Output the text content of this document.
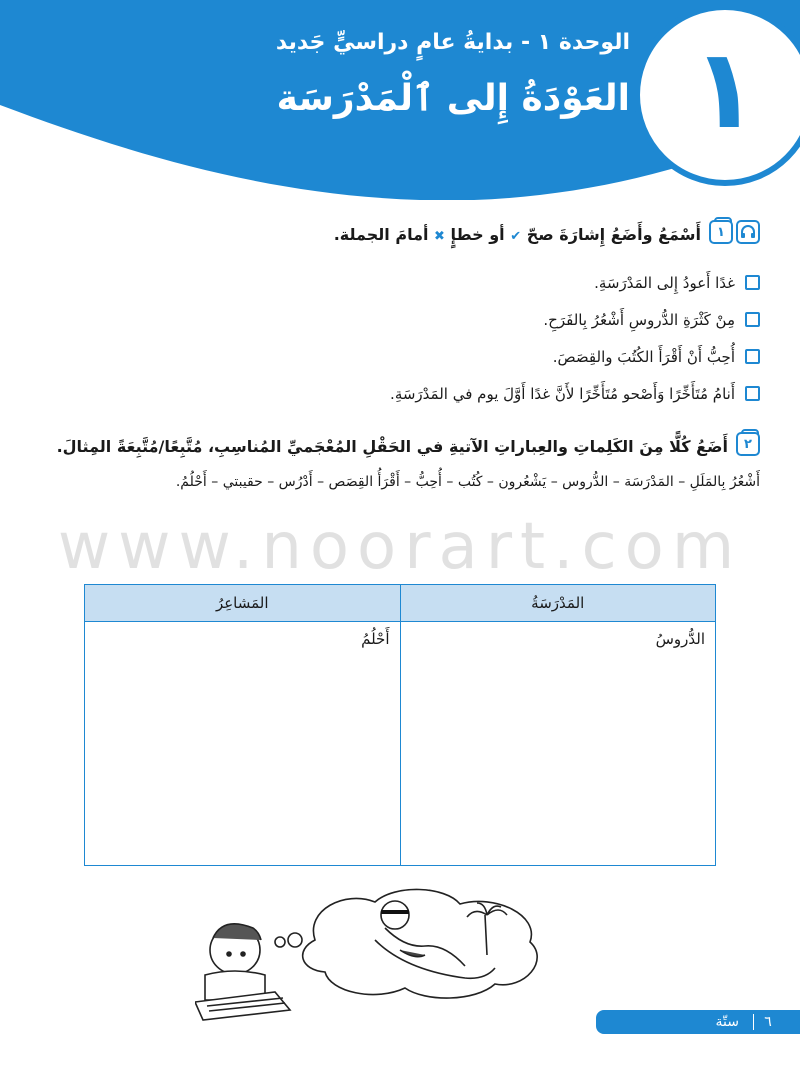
الوحدة ١ - بدايةُ عامٍ دراسيٍّ جَديد
العَوْدَةُ إِلى ٱلْمَدْرَسَة ١
١
أَسْمَعُ وأَضَعُ إِشارَةَ صحّ ✔ أو خطإٍ ✖ أمامَ الجملة.
غدًا أَعودُ إِلى المَدْرَسَةِ.
مِنْ كَثْرَةِ الدُّروسِ أَشْعُرُ بِالفَرَحِ.
أُحِبُّ أَنْ أَقْرَأَ الكُتُبَ والقِصَصَ.
أَنامُ مُتَأَخِّرًا وَأَصْحو مُتَأَخِّرًا لأَنَّ غدًا أَوَّلَ يوم في المَدْرَسَةِ.
٢
أَضَعُ كُلًّا مِنَ الكَلِماتِ والعِباراتِ الآتيةِ في الحَقْلِ المُعْجَميِّ المُناسِبِ، مُتَّبِعًا/مُتَّبِعَةً المِثالَ.
أَشْعُرُ بِالمَلَلِ – المَدْرَسَة – الدُّروس – يَشْعُرون – كُتُب – أُحِبُّ – أَقْرَأُ القِصَص – أَدْرُس – حقيبتي – أَحْلُمُ.
www.noorart.com
المَدْرَسَةُ	المَشاعِرُ
الدُّروسُ	أَحْلُمُ
٦
ستّة
